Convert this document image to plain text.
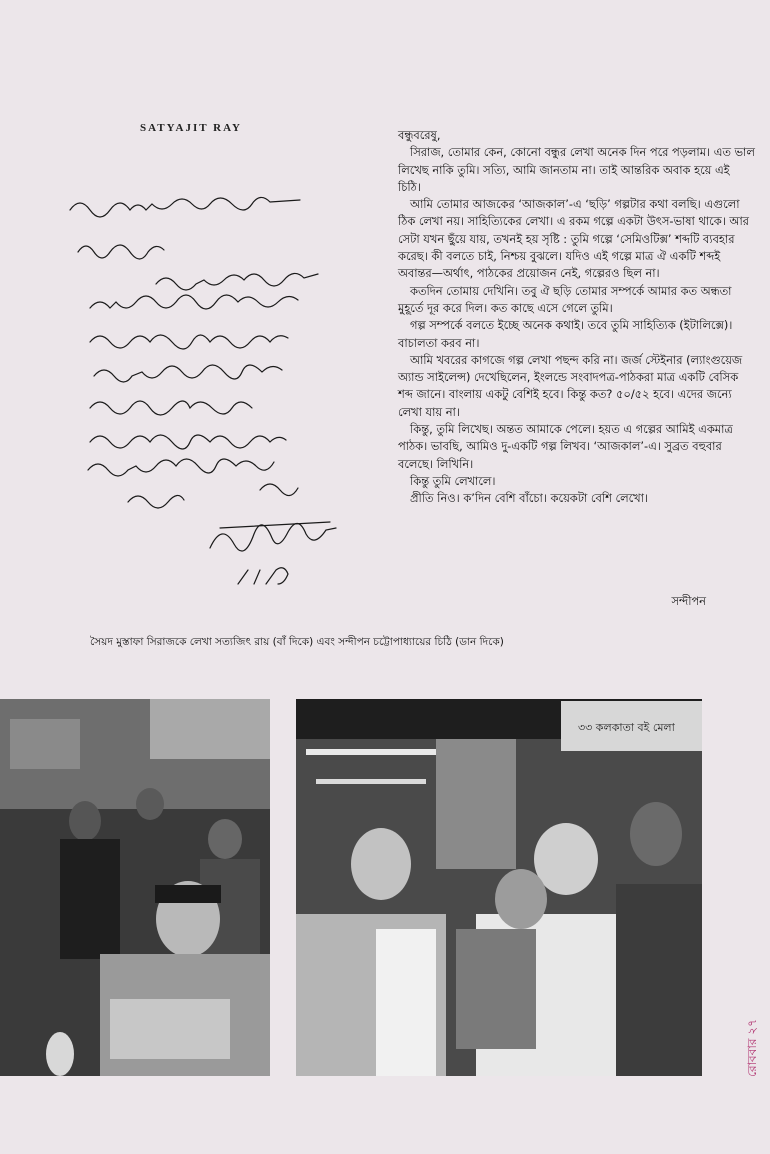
SATYAJIT RAY	বন্ধুবরেষু,

সিরাজ, তোমার কেন, কোনো বন্ধুর লেখা অনেক দিন পরে পড়লাম। এত ভাল লিখেছ নাকি তুমি। সত্যি, আমি জানতাম না। তাই আন্তরিক অবাক হয়ে এই চিঠি।

আমি তোমার আজকের ‘আজকাল’-এ ‘ছড়ি’ গল্পটার কথা বলছি। এগুলো ঠিক লেখা নয়। সাহিত্যিকের লেখা। এ রকম গল্পে একটা উৎস-ভাষা থাকে। আর সেটা যখন ছুঁয়ে যায়, তখনই হয় সৃষ্টি : তুমি গল্পে ‘সেমিওটিক্স’ শব্দটি ব্যবহার করেছ। কী বলতে চাই, নিশ্চয় বুঝলে। যদিও এই গল্পে মাত্র ঐ একটি শব্দই অবান্তর—অর্থাৎ, পাঠকের প্রয়োজন নেই, গল্পেরও ছিল না।

কতদিন তোমায় দেখিনি। তবু ঐ ছড়ি তোমার সম্পর্কে আমার কত অন্ধতা মুহূর্তে দূর করে দিল। কত কাছে এসে গেলে তুমি।

গল্প সম্পর্কে বলতে ইচ্ছে অনেক কথাই। তবে তুমি সাহিত্যিক (ইটালিক্সে)। বাচালতা করব না।

আমি খবরের কাগজে গল্প লেখা পছন্দ করি না। জর্জ স্টেইনার (ল্যাংগুয়েজ অ্যান্ড সাইলেন্স) দেখেছিলেন, ইংলন্ডে সংবাদপত্র-পাঠকরা মাত্র একটি বেসিক শব্দ জানে। বাংলায় একটু বেশিই হবে। কিন্তু কত? ৫০/৫২ হবে। এদের জন্যে লেখা যায় না।

কিন্তু, তুমি লিখেছ। অন্তত আমাকে পেলে। হয়ত এ গল্পের আমিই একমাত্র পাঠক। ভাবছি, আমিও দু-একটি গল্প লিখব। ‘আজকাল’-এ। সুব্রত বহুবার বলেছে। লিখিনি।

কিন্তু তুমি লেখালে।

প্রীতি নিও। ক’দিন বেশি বাঁচো। কয়েকটা বেশি লেখো।

সন্দীপন
সৈয়দ মুস্তাফা সিরাজকে লেখা সত্যজিৎ রায় (বাঁ দিকে) এবং সন্দীপন চট্টোপাধ্যায়ের চিঠি (ডান দিকে)
৩৩ কলকাতা বই মেলা
রোববার ২৭
